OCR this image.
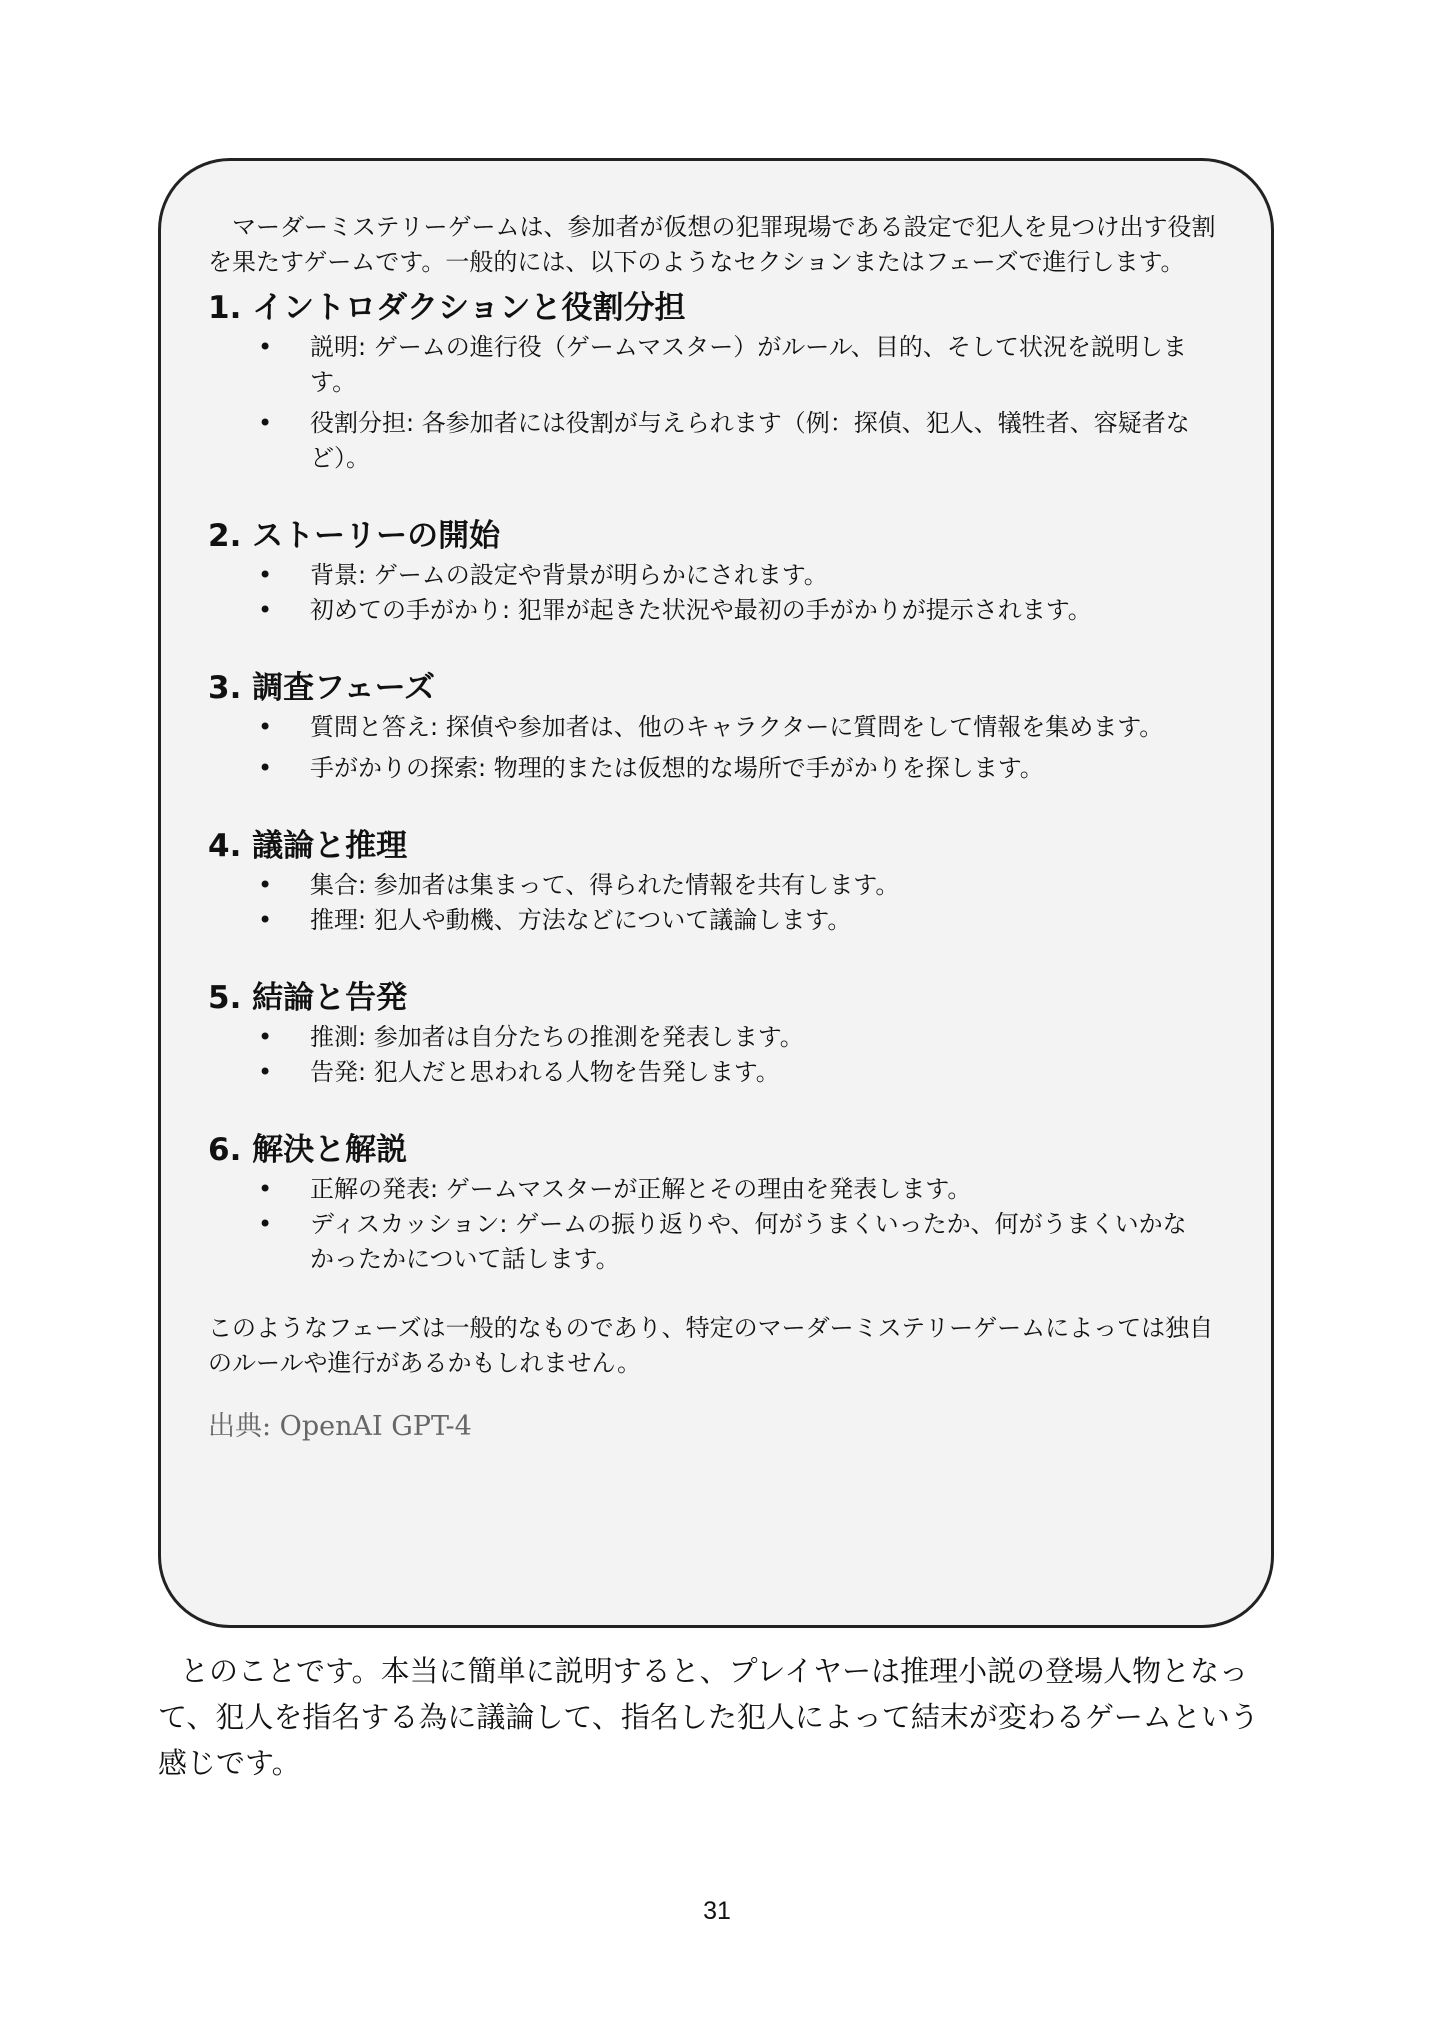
マーダーミステリーゲームは、参加者が仮想の犯罪現場である設定で犯人を見つけ出す役割を果たすゲームです。一般的には、以下のようなセクションまたはフェーズで進行します。

1. イントロダクションと役割分担
• 説明: ゲームの進行役（ゲームマスター）がルール、目的、そして状況を説明します。
• 役割分担: 各参加者には役割が与えられます（例：探偵、犯人、犠牲者、容疑者など）。
2. ストーリーの開始
• 背景: ゲームの設定や背景が明らかにされます。
• 初めての手がかり: 犯罪が起きた状況や最初の手がかりが提示されます。
3. 調査フェーズ
• 質問と答え: 探偵や参加者は、他のキャラクターに質問をして情報を集めます。
• 手がかりの探索: 物理的または仮想的な場所で手がかりを探します。
4. 議論と推理
• 集合: 参加者は集まって、得られた情報を共有します。
• 推理: 犯人や動機、方法などについて議論します。
5. 結論と告発
• 推測: 参加者は自分たちの推測を発表します。
• 告発: 犯人だと思われる人物を告発します。
6. 解決と解説
• 正解の発表: ゲームマスターが正解とその理由を発表します。
• ディスカッション: ゲームの振り返りや、何がうまくいったか、何がうまくいかなかったかについて話します。

このようなフェーズは一般的なものであり、特定のマーダーミステリーゲームによっては独自のルールや進行があるかもしれません。

出典: OpenAI GPT-4

とのことです。本当に簡単に説明すると、プレイヤーは推理小説の登場人物となって、犯人を指名する為に議論して、指名した犯人によって結末が変わるゲームという感じです。

31
